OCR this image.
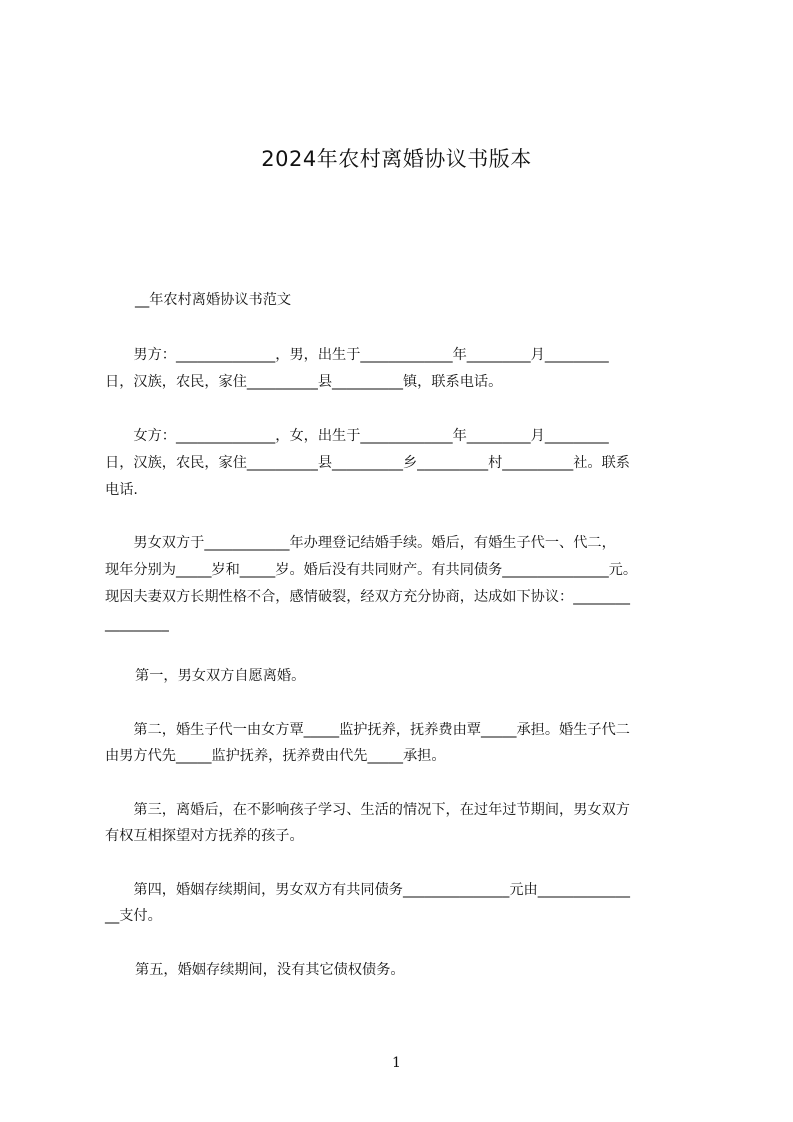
2024年农村离婚协议书版本
__年农村离婚协议书范文
　　男方：______________，男，出生于_____________年_________月_________
日，汉族，农民，家住__________县__________镇，联系电话。
　　女方：______________，女，出生于_____________年_________月_________
日，汉族，农民，家住__________县__________乡__________村__________社。联系
电话.
　　男女双方于____________年办理登记结婚手续。婚后，有婚生子代一、代二，
现年分别为_____岁和_____岁。婚后没有共同财产。有共同债务_______________元。
现因夫妻双方长期性格不合，感情破裂，经双方充分协商，达成如下协议：________
_________
第一，男女双方自愿离婚。
　　第二，婚生子代一由女方覃_____监护抚养，抚养费由覃_____承担。婚生子代二
由男方代先_____监护抚养，抚养费由代先_____承担。
　　第三，离婚后，在不影响孩子学习、生活的情况下，在过年过节期间，男女双方
有权互相探望对方抚养的孩子。
　　第四，婚姻存续期间，男女双方有共同债务_______________元由_____________
__支付。
第五，婚姻存续期间，没有其它债权债务。
1
